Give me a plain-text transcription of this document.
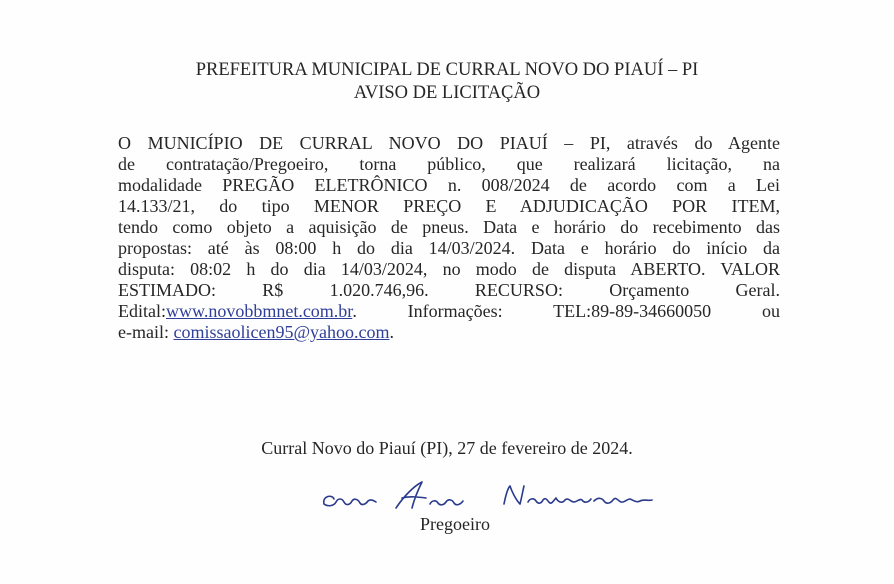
PREFEITURA MUNICIPAL DE CURRAL NOVO DO PIAUÍ – PI
AVISO DE LICITAÇÃO
O MUNICÍPIO DE CURRAL NOVO DO PIAUÍ – PI, através do Agente
de contratação/Pregoeiro, torna público, que realizará licitação, na
modalidade PREGÃO ELETRÔNICO n. 008/2024 de acordo com a Lei
14.133/21, do tipo MENOR PREÇO E ADJUDICAÇÃO POR ITEM,
tendo como objeto a aquisição de pneus. Data e horário do recebimento das
propostas: até às 08:00 h do dia 14/03/2024. Data e horário do início da
disputa: 08:02 h do dia 14/03/2024, no modo de disputa ABERTO. VALOR
ESTIMADO: R$ 1.020.746,96. RECURSO: Orçamento Geral.
Edital:www.novobbmnet.com.br. Informações: TEL:89-89-34660050 ou
e-mail: comissaolicen95@yahoo.com.
Curral Novo do Piauí (PI), 27 de fevereiro de 2024.
Pregoeiro
